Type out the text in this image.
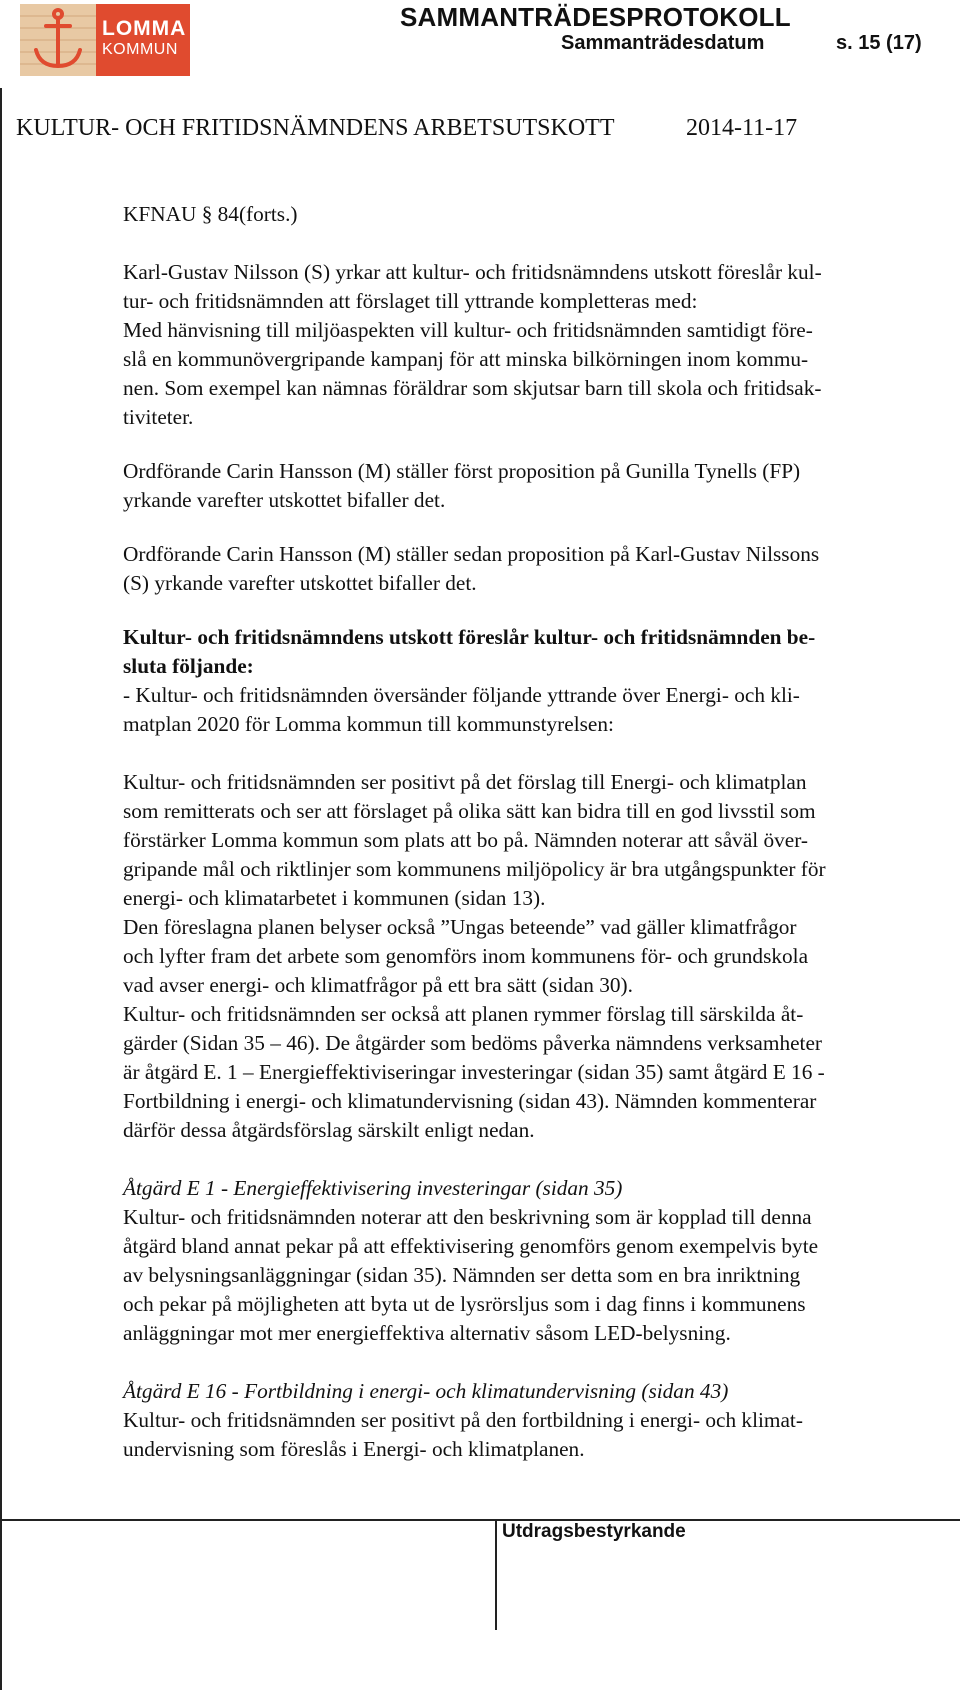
LOMMA
KOMMUN
SAMMANTRÄDESPROTOKOLL
Sammanträdesdatum	s. 15 (17)
KULTUR- OCH FRITIDSNÄMNDENS ARBETSUTSKOTT	2014-11-17

KFNAU § 84(forts.)

Karl-Gustav Nilsson (S) yrkar att kultur- och fritidsnämndens utskott föreslår kul-

tur- och fritidsnämnden att förslaget till yttrande kompletteras med:

Med hänvisning till miljöaspekten vill kultur- och fritidsnämnden samtidigt före-

slå en kommunövergripande kampanj för att minska bilkörningen inom kommu-

nen. Som exempel kan nämnas föräldrar som skjutsar barn till skola och fritidsak-

tiviteter.

Ordförande Carin Hansson (M) ställer först proposition på Gunilla Tynells (FP)

yrkande varefter utskottet bifaller det.

Ordförande Carin Hansson (M) ställer sedan proposition på Karl-Gustav Nilssons

(S) yrkande varefter utskottet bifaller det.

Kultur- och fritidsnämndens utskott föreslår kultur- och fritidsnämnden be-

sluta följande:

- Kultur- och fritidsnämnden översänder följande yttrande över Energi- och kli-

matplan 2020 för Lomma kommun till kommunstyrelsen:

Kultur- och fritidsnämnden ser positivt på det förslag till Energi- och klimatplan

som remitterats och ser att förslaget på olika sätt kan bidra till en god livsstil som

förstärker Lomma kommun som plats att bo på. Nämnden noterar att såväl över-

gripande mål och riktlinjer som kommunens miljöpolicy är bra utgångspunkter för

energi- och klimatarbetet i kommunen (sidan 13).

Den föreslagna planen belyser också ”Ungas beteende” vad gäller klimatfrågor

och lyfter fram det arbete som genomförs inom kommunens för- och grundskola

vad avser energi- och klimatfrågor på ett bra sätt (sidan 30).

Kultur- och fritidsnämnden ser också att planen rymmer förslag till särskilda åt-

gärder (Sidan 35 – 46). De åtgärder som bedöms påverka nämndens verksamheter

är åtgärd E. 1 – Energieffektiviseringar investeringar (sidan 35) samt åtgärd E 16 -

Fortbildning i energi- och klimatundervisning (sidan 43). Nämnden kommenterar

därför dessa åtgärdsförslag särskilt enligt nedan.

Åtgärd E 1 - Energieffektivisering investeringar (sidan 35)

Kultur- och fritidsnämnden noterar att den beskrivning som är kopplad till denna

åtgärd bland annat pekar på att effektivisering genomförs genom exempelvis byte

av belysningsanläggningar (sidan 35). Nämnden ser detta som en bra inriktning

och pekar på möjligheten att byta ut de lysrörsljus som i dag finns i kommunens

anläggningar mot mer energieffektiva alternativ såsom LED-belysning.

Åtgärd E 16 - Fortbildning i energi- och klimatundervisning (sidan 43)

Kultur- och fritidsnämnden ser positivt på den fortbildning i energi- och klimat-

undervisning som föreslås i Energi- och klimatplanen.

Utdragsbestyrkande
